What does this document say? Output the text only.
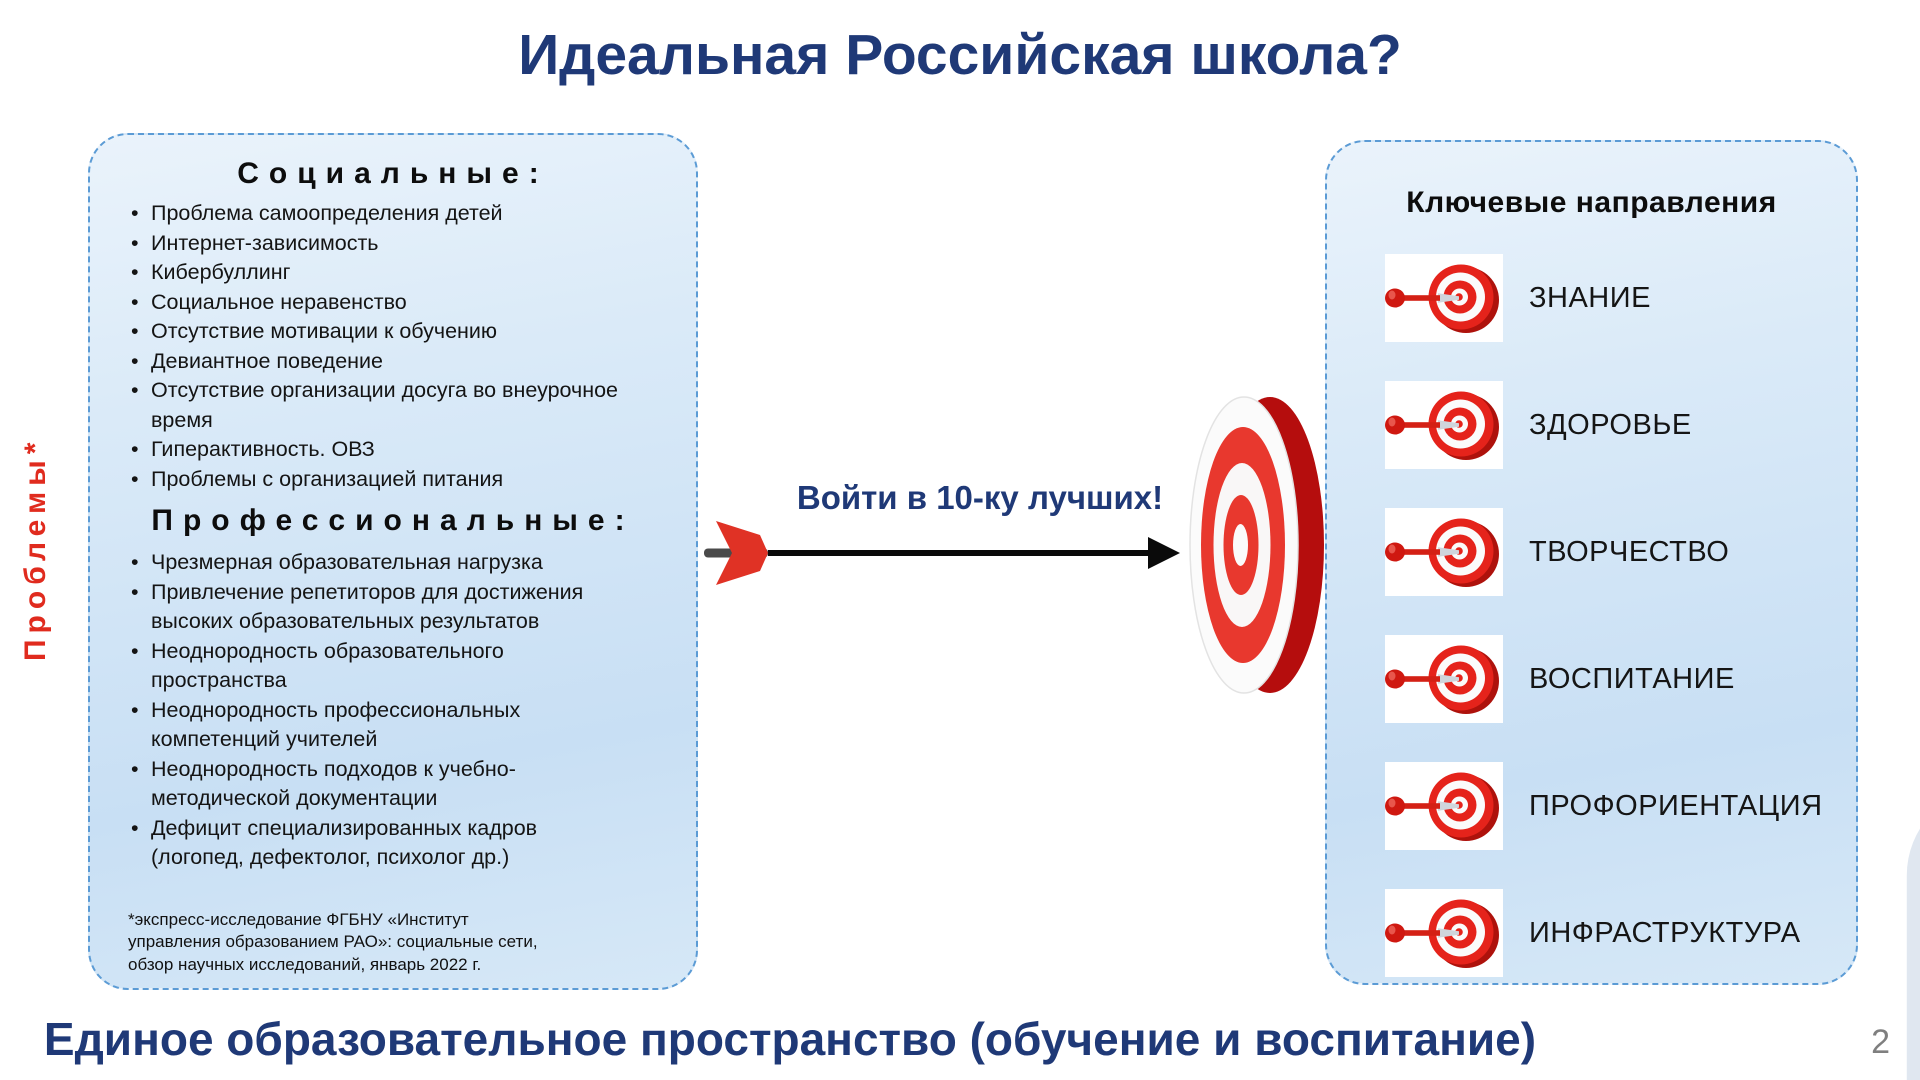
Идеальная Российская школа?
Проблемы*
Социальные:
• Проблема самоопределения детей
• Интернет-зависимость
• Кибербуллинг
• Социальное неравенство
• Отсутствие мотивации к обучению
• Девиантное поведение
• Отсутствие организации досуга во внеурочное время
• Гиперактивность. ОВЗ
• Проблемы с организацией питания
Профессиональные:
• Чрезмерная образовательная нагрузка
• Привлечение репетиторов для достижения высоких образовательных результатов
• Неоднородность образовательного пространства
• Неоднородность профессиональных компетенций учителей
• Неоднородность подходов к учебно-методической документации
• Дефицит специализированных кадров (логопед, дефектолог, психолог др.)

*экспресс-исследование ФГБНУ «Институт управления образованием РАО»: социальные сети, обзор научных исследований, январь 2022 г.

Ключевые направления
ЗНАНИЕ
ЗДОРОВЬЕ
ТВОРЧЕСТВО
ВОСПИТАНИЕ
ПРОФОРИЕНТАЦИЯ
ИНФРАСТРУКТУРА

Войти в 10-ку лучших!

Единое образовательное пространство (обучение и воспитание)	2
